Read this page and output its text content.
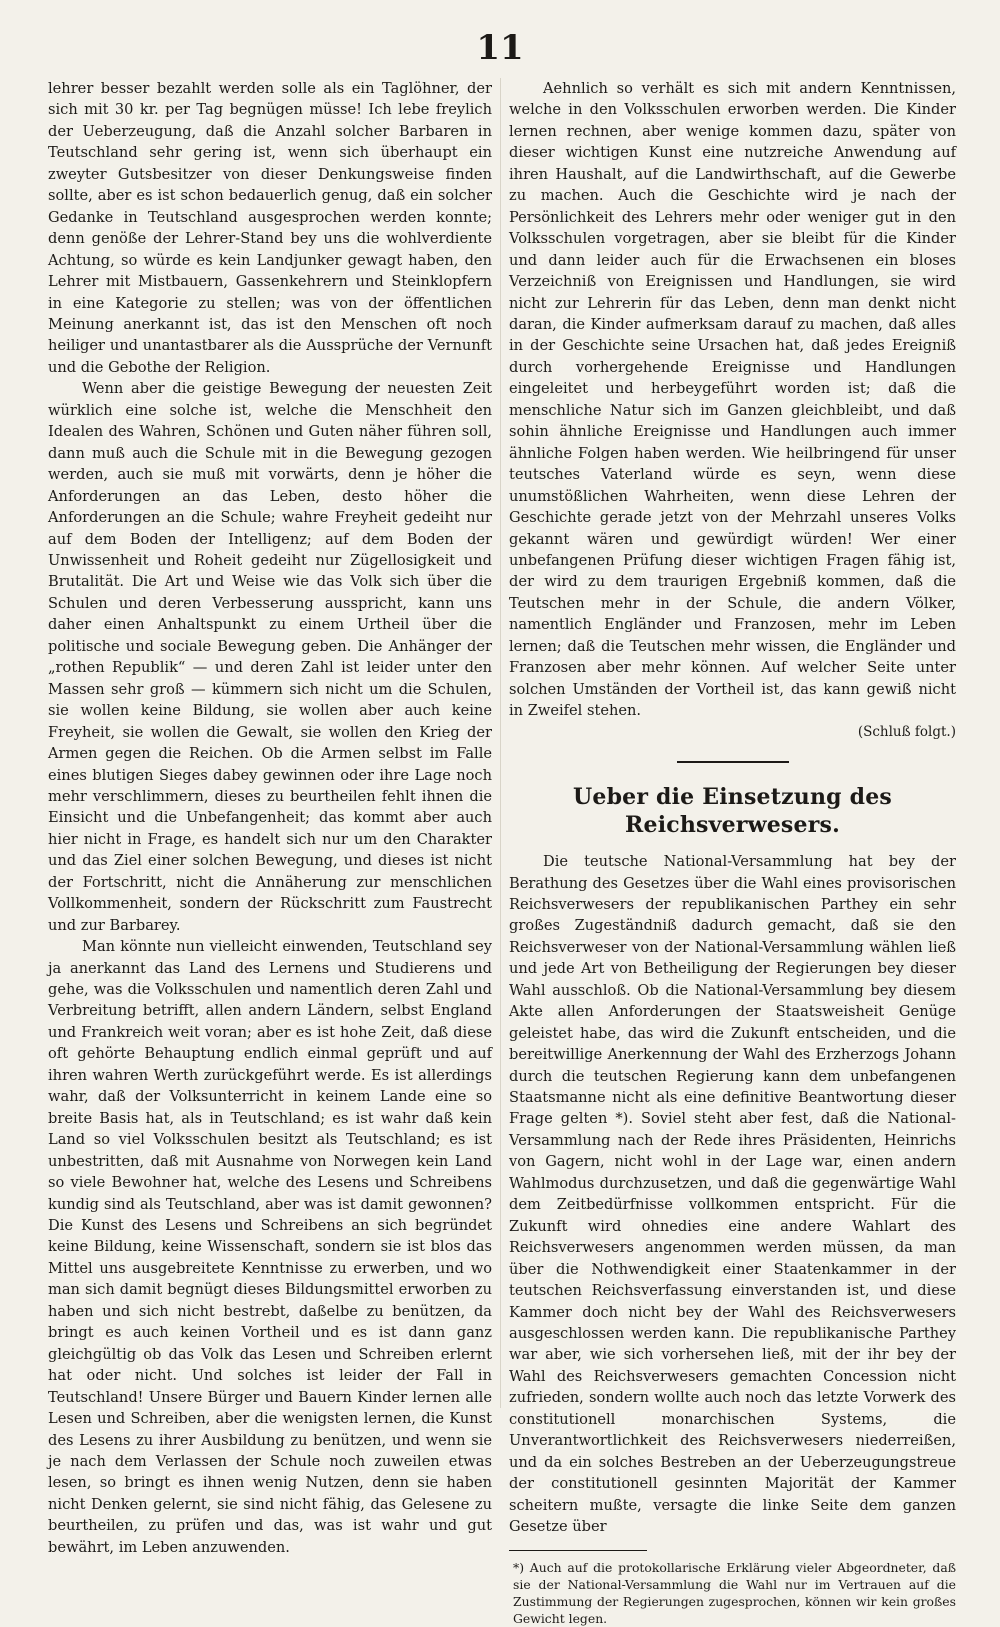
11

lehrer besser bezahlt werden solle als ein Taglöhner, der sich mit 30 kr. per Tag begnügen müsse! Ich lebe freylich der Ueberzeugung, daß die Anzahl solcher Barbaren in Teutschland sehr gering ist, wenn sich überhaupt ein zweyter Gutsbesitzer von dieser Denkungsweise finden sollte, aber es ist schon bedauerlich genug, daß ein solcher Gedanke in Teutschland ausgesprochen werden konnte; denn genöße der Lehrer-Stand bey uns die wohlverdiente Achtung, so würde es kein Landjunker gewagt haben, den Lehrer mit Mistbauern, Gassenkehrern und Steinklopfern in eine Kategorie zu stellen; was von der öffentlichen Meinung anerkannt ist, das ist den Menschen oft noch heiliger und unantastbarer als die Aussprüche der Vernunft und die Gebothe der Religion.

Wenn aber die geistige Bewegung der neuesten Zeit würklich eine solche ist, welche die Menschheit den Idealen des Wahren, Schönen und Guten näher führen soll, dann muß auch die Schule mit in die Bewegung gezogen werden, auch sie muß mit vorwärts, denn je höher die Anforderungen an das Leben, desto höher die Anforderungen an die Schule; wahre Freyheit gedeiht nur auf dem Boden der Intelligenz; auf dem Boden der Unwissenheit und Roheit gedeiht nur Zügellosigkeit und Brutalität. Die Art und Weise wie das Volk sich über die Schulen und deren Verbesserung ausspricht, kann uns daher einen Anhaltspunkt zu einem Urtheil über die politische und sociale Bewegung geben. Die Anhänger der „rothen Republik“ — und deren Zahl ist leider unter den Massen sehr groß — kümmern sich nicht um die Schulen, sie wollen keine Bildung, sie wollen aber auch keine Freyheit, sie wollen die Gewalt, sie wollen den Krieg der Armen gegen die Reichen. Ob die Armen selbst im Falle eines blutigen Sieges dabey gewinnen oder ihre Lage noch mehr verschlimmern, dieses zu beurtheilen fehlt ihnen die Einsicht und die Unbefangenheit; das kommt aber auch hier nicht in Frage, es handelt sich nur um den Charakter und das Ziel einer solchen Bewegung, und dieses ist nicht der Fortschritt, nicht die Annäherung zur menschlichen Vollkommenheit, sondern der Rückschritt zum Faustrecht und zur Barbarey.

Man könnte nun vielleicht einwenden, Teutschland sey ja anerkannt das Land des Lernens und Studierens und gehe, was die Volksschulen und namentlich deren Zahl und Verbreitung betrifft, allen andern Ländern, selbst England und Frankreich weit voran; aber es ist hohe Zeit, daß diese oft gehörte Behauptung endlich einmal geprüft und auf ihren wahren Werth zurückgeführt werde. Es ist allerdings wahr, daß der Volksunterricht in keinem Lande eine so breite Basis hat, als in Teutschland; es ist wahr daß kein Land so viel Volksschulen besitzt als Teutschland; es ist unbestritten, daß mit Ausnahme von Norwegen kein Land so viele Bewohner hat, welche des Lesens und Schreibens kundig sind als Teutschland, aber was ist damit gewonnen? Die Kunst des Lesens und Schreibens an sich begründet keine Bildung, keine Wissenschaft, sondern sie ist blos das Mittel uns ausgebreitete Kenntnisse zu erwerben, und wo man sich damit begnügt dieses Bildungsmittel erworben zu haben und sich nicht bestrebt, daßelbe zu benützen, da bringt es auch keinen Vortheil und es ist dann ganz gleichgültig ob das Volk das Lesen und Schreiben erlernt hat oder nicht. Und solches ist leider der Fall in Teutschland! Unsere Bürger und Bauern Kinder lernen alle Lesen und Schreiben, aber die wenigsten lernen, die Kunst des Lesens zu ihrer Ausbildung zu benützen, und wenn sie je nach dem Verlassen der Schule noch zuweilen etwas lesen, so bringt es ihnen wenig Nutzen, denn sie haben nicht Denken gelernt, sie sind nicht fähig, das Gelesene zu beurtheilen, zu prüfen und das, was ist wahr und gut bewährt, im Leben anzuwenden.

Aehnlich so verhält es sich mit andern Kenntnissen, welche in den Volksschulen erworben werden. Die Kinder lernen rechnen, aber wenige kommen dazu, später von dieser wichtigen Kunst eine nutzreiche Anwendung auf ihren Haushalt, auf die Landwirthschaft, auf die Gewerbe zu machen. Auch die Geschichte wird je nach der Persönlichkeit des Lehrers mehr oder weniger gut in den Volksschulen vorgetragen, aber sie bleibt für die Kinder und dann leider auch für die Erwachsenen ein bloses Verzeichniß von Ereignissen und Handlungen, sie wird nicht zur Lehrerin für das Leben, denn man denkt nicht daran, die Kinder aufmerksam darauf zu machen, daß alles in der Geschichte seine Ursachen hat, daß jedes Ereigniß durch vorhergehende Ereignisse und Handlungen eingeleitet und herbeygeführt worden ist; daß die menschliche Natur sich im Ganzen gleichbleibt, und daß sohin ähnliche Ereignisse und Handlungen auch immer ähnliche Folgen haben werden. Wie heilbringend für unser teutsches Vaterland würde es seyn, wenn diese unumstößlichen Wahrheiten, wenn diese Lehren der Geschichte gerade jetzt von der Mehrzahl unseres Volks gekannt wären und gewürdigt würden! Wer einer unbefangenen Prüfung dieser wichtigen Fragen fähig ist, der wird zu dem traurigen Ergebniß kommen, daß die Teutschen mehr in der Schule, die andern Völker, namentlich Engländer und Franzosen, mehr im Leben lernen; daß die Teutschen mehr wissen, die Engländer und Franzosen aber mehr können. Auf welcher Seite unter solchen Umständen der Vortheil ist, das kann gewiß nicht in Zweifel stehen.

(Schluß folgt.)

Ueber die Einsetzung des Reichsverwesers.

Die teutsche National-Versammlung hat bey der Berathung des Gesetzes über die Wahl eines provisorischen Reichsverwesers der republikanischen Parthey ein sehr großes Zugeständniß dadurch gemacht, daß sie den Reichsverweser von der National-Versammlung wählen ließ und jede Art von Betheiligung der Regierungen bey dieser Wahl ausschloß. Ob die National-Versammlung bey diesem Akte allen Anforderungen der Staatsweisheit Genüge geleistet habe, das wird die Zukunft entscheiden, und die bereitwillige Anerkennung der Wahl des Erzherzogs Johann durch die teutschen Regierung kann dem unbefangenen Staatsmanne nicht als eine definitive Beantwortung dieser Frage gelten *). Soviel steht aber fest, daß die National-Versammlung nach der Rede ihres Präsidenten, Heinrichs von Gagern, nicht wohl in der Lage war, einen andern Wahlmodus durchzusetzen, und daß die gegenwärtige Wahl dem Zeitbedürfnisse vollkommen entspricht. Für die Zukunft wird ohnedies eine andere Wahlart des Reichsverwesers angenommen werden müssen, da man über die Nothwendigkeit einer Staatenkammer in der teutschen Reichsverfassung einverstanden ist, und diese Kammer doch nicht bey der Wahl des Reichsverwesers ausgeschlossen werden kann. Die republikanische Parthey war aber, wie sich vorhersehen ließ, mit der ihr bey der Wahl des Reichsverwesers gemachten Concession nicht zufrieden, sondern wollte auch noch das letzte Vorwerk des constitutionell monarchischen Systems, die Unverantwortlichkeit des Reichsverwesers niederreißen, und da ein solches Bestreben an der Ueberzeugungstreue der constitutionell gesinnten Majorität der Kammer scheitern mußte, versagte die linke Seite dem ganzen Gesetze über

*) Auch auf die protokollarische Erklärung vieler Abgeordneter, daß sie der National-Versammlung die Wahl nur im Vertrauen auf die Zustimmung der Regierungen zugesprochen, können wir kein großes Gewicht legen.
